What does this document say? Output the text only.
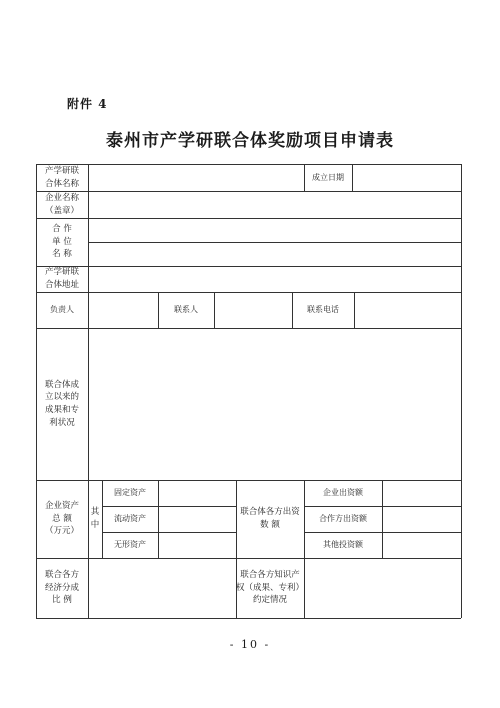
附件 4
泰州市产学研联合体奖励项目申请表
产学研联
合体名称
成立日期
企业名称
（盖章）
合 作
单 位
名 称
产学研联
合体地址
负责人	联系人	联系电话
联合体成
立以来的
成果和专
利状况
企业资产
总 额
（万元）
其
中
固定资产
流动资产
无形资产
联合体各方出资
数 额
企业出资额
合作方出资额
其他投资额
联合各方
经济分成
比 例
联合各方知识产
权（成果、专利）
约定情况
- 10 -
